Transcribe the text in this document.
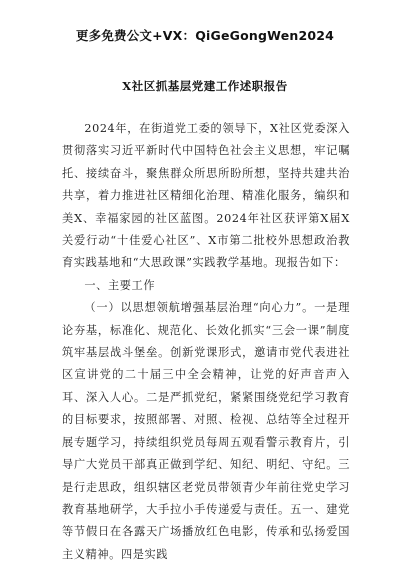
更多免费公文+VX：QiGeGongWen2024
X社区抓基层党建工作述职报告

2024年，在街道党工委的领导下，X社区党委深入贯彻落实习近平新时代中国特色社会主义思想，牢记嘱托、接续奋斗，聚焦群众所思所盼所想，坚持共建共治共享，着力推进社区精细化治理、精准化服务，编织和美X、幸福家园的社区蓝图。2024年社区获评第X届X关爱行动“十佳爱心社区”、X市第二批校外思想政治教育实践基地和“大思政课”实践教学基地。现报告如下：

一、主要工作

（一）以思想领航增强基层治理“向心力”。一是理论夯基，标准化、规范化、长效化抓实“三会一课”制度筑牢基层战斗堡垒。创新党课形式，邀请市党代表进社区宣讲党的二十届三中全会精神，让党的好声音声入耳、深入人心。二是严抓党纪，紧紧围绕党纪学习教育的目标要求，按照部署、对照、检视、总结等全过程开展专题学习，持续组织党员每周五观看警示教育片，引导广大党员干部真正做到学纪、知纪、明纪、守纪。三是行走思政，组织辖区老党员带领青少年前往党史学习教育基地研学，大手拉小手传递爱与责任。五一、建党等节假日在各露天广场播放红色电影，传承和弘扬爱国主义精神。四是实践
